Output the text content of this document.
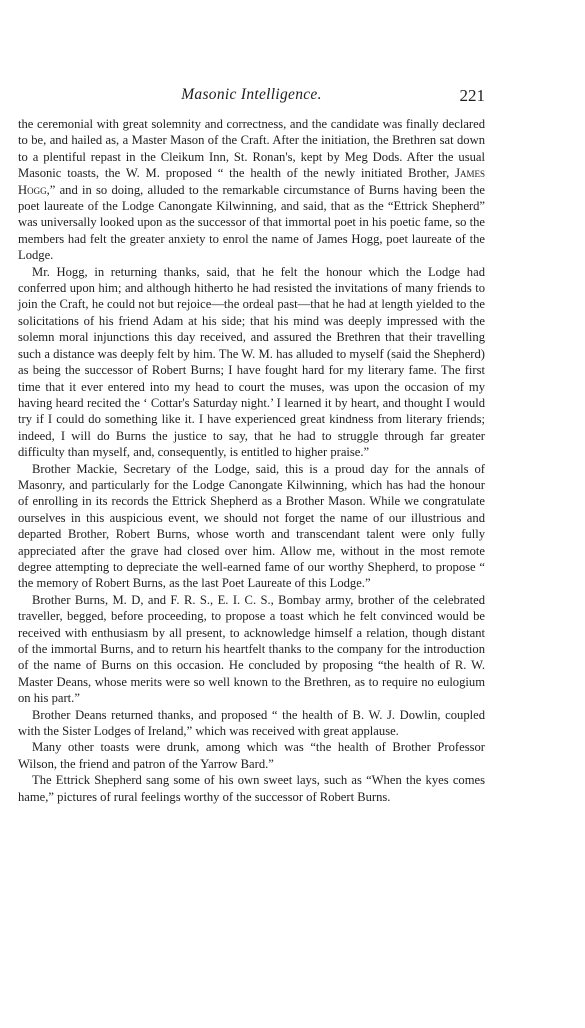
Masonic Intelligence.	221

the ceremonial with great solemnity and correctness, and the candidate was finally declared to be, and hailed as, a Master Mason of the Craft. After the initiation, the Brethren sat down to a plentiful repast in the Cleikum Inn, St. Ronan's, kept by Meg Dods. After the usual Masonic toasts, the W. M. proposed “ the health of the newly initiated Brother, James Hogg,” and in so doing, alluded to the remarkable circumstance of Burns having been the poet laureate of the Lodge Canongate Kilwinning, and said, that as the “Ettrick Shepherd” was universally looked upon as the successor of that immortal poet in his poetic fame, so the members had felt the greater anxiety to enrol the name of James Hogg, poet laureate of the Lodge.

Mr. Hogg, in returning thanks, said, that he felt the honour which the Lodge had conferred upon him; and although hitherto he had resisted the invitations of many friends to join the Craft, he could not but rejoice—the ordeal past—that he had at length yielded to the solicitations of his friend Adam at his side; that his mind was deeply impressed with the solemn moral injunctions this day received, and assured the Brethren that their travelling such a distance was deeply felt by him. The W. M. has alluded to myself (said the Shepherd) as being the successor of Robert Burns; I have fought hard for my literary fame. The first time that it ever entered into my head to court the muses, was upon the occasion of my having heard recited the ‘ Cottar's Saturday night.’ I learned it by heart, and thought I would try if I could do something like it. I have experienced great kindness from literary friends; indeed, I will do Burns the justice to say, that he had to struggle through far greater difficulty than myself, and, consequently, is entitled to higher praise.”

Brother Mackie, Secretary of the Lodge, said, this is a proud day for the annals of Masonry, and particularly for the Lodge Canongate Kilwinning, which has had the honour of enrolling in its records the Ettrick Shepherd as a Brother Mason. While we congratulate ourselves in this auspicious event, we should not forget the name of our illustrious and departed Brother, Robert Burns, whose worth and transcendant talent were only fully appreciated after the grave had closed over him. Allow me, without in the most remote degree attempting to depreciate the well-earned fame of our worthy Shepherd, to propose “ the memory of Robert Burns, as the last Poet Laureate of this Lodge.”

Brother Burns, M. D, and F. R. S., E. I. C. S., Bombay army, brother of the celebrated traveller, begged, before proceeding, to propose a toast which he felt convinced would be received with enthusiasm by all present, to acknowledge himself a relation, though distant of the immortal Burns, and to return his heartfelt thanks to the company for the introduction of the name of Burns on this occasion. He concluded by proposing “the health of R. W. Master Deans, whose merits were so well known to the Brethren, as to require no eulogium on his part.”

Brother Deans returned thanks, and proposed “ the health of B. W. J. Dowlin, coupled with the Sister Lodges of Ireland,” which was received with great applause.

Many other toasts were drunk, among which was “the health of Brother Professor Wilson, the friend and patron of the Yarrow Bard.”

The Ettrick Shepherd sang some of his own sweet lays, such as “When the kyes comes hame,” pictures of rural feelings worthy of the successor of Robert Burns.
